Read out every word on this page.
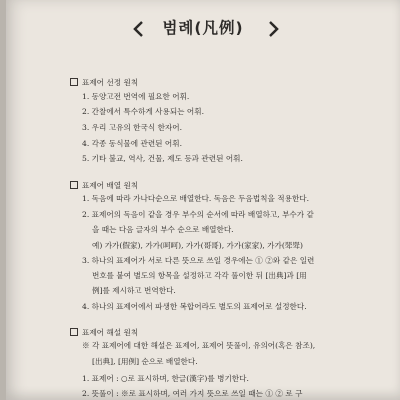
범례(凡例)
표제어 선정 원칙
1. 동양고전 번역에 필요한 어휘.
2. 간찰에서 특수하게 사용되는 어휘.
3. 우리 고유의 한국식 한자어.
4. 각종 동식물에 관련된 어휘.
5. 기타 불교, 역사, 건물, 제도 등과 관련된 어휘.
표제어 배열 원칙
1. 독음에 따라 가나다순으로 배열한다. 독음은 두음법칙을 적용한다.
2. 표제어의 독음이 같을 경우 부수의 순서에 따라 배열하고, 부수가 같
을 때는 다음 글자의 부수 순으로 배열한다.
예) 가가(假家), 가가(呵呵), 가가(哥哥), 가가(家家), 가가(斝斝)
3. 하나의 표제어가 서로 다른 뜻으로 쓰일 경우에는 ① ②와 같은 일련
번호를 붙여 별도의 항목을 설정하고 각각 풀이한 뒤 [出典]과 [用
例]를 제시하고 번역한다.
4. 하나의 표제어에서 파생한 복합어라도 별도의 표제어로 설정한다.
표제어 해설 원칙
※ 각 표제어에 대한 해설은 표제어, 표제어 뜻풀이, 유의어(혹은 참조),
[出典], [用例] 순으로 배열한다.
1. 표제어 : ○로 표시하며, 한글(漢字)를 병기한다.
2. 뜻풀이 : ※로 표시하며, 여러 가지 뜻으로 쓰일 때는 ① ② 로 구
